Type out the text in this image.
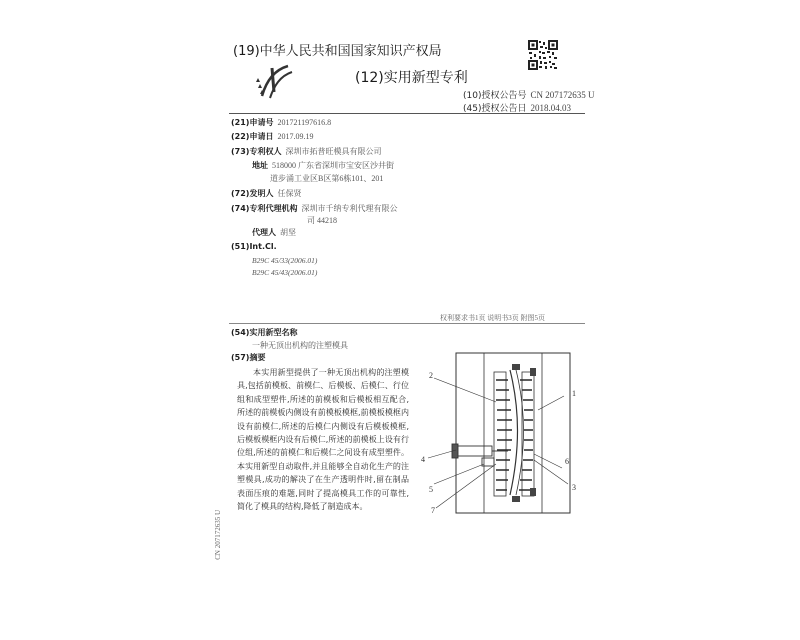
(19)中华人民共和国国家知识产权局
(12)实用新型专利
(10)授权公告号 CN 207172635 U
(45)授权公告日 2018.04.03
(21)申请号 201721197616.8
(22)申请日 2017.09.19
(73)专利权人 深圳市拓普旺模具有限公司
地址 518000 广东省深圳市宝安区沙井街
道步涌工业区B区第6栋101、201
(72)发明人 任保贤
(74)专利代理机构 深圳市千纳专利代理有限公
司 44218
代理人 胡坚
(51)Int.Cl.
B29C 45/33(2006.01)
B29C 45/43(2006.01)
权利要求书1页 说明书3页 附图5页
(54)实用新型名称
一种无顶出机构的注塑模具
(57)摘要

本实用新型提供了一种无顶出机构的注塑模具,包括前模板、前模仁、后模板、后模仁、行位组和成型塑件,所述的前模板和后模板相互配合,所述的前模板内侧设有前模板模框,前模板模框内设有前模仁,所述的后模仁内侧设有后模板模框,后模板模框内设有后模仁,所述的前模板上设有行位组,所述的前模仁和后模仁之间设有成型塑件。本实用新型自动取件,并且能够全自动化生产的注塑模具,成功的解决了在生产透明件时,留在制品表面压痕的难题,同时了提高模具工作的可靠性,简化了模具的结构,降低了制造成本。

1
2
3
4
5
6
7
CN 207172635 U
